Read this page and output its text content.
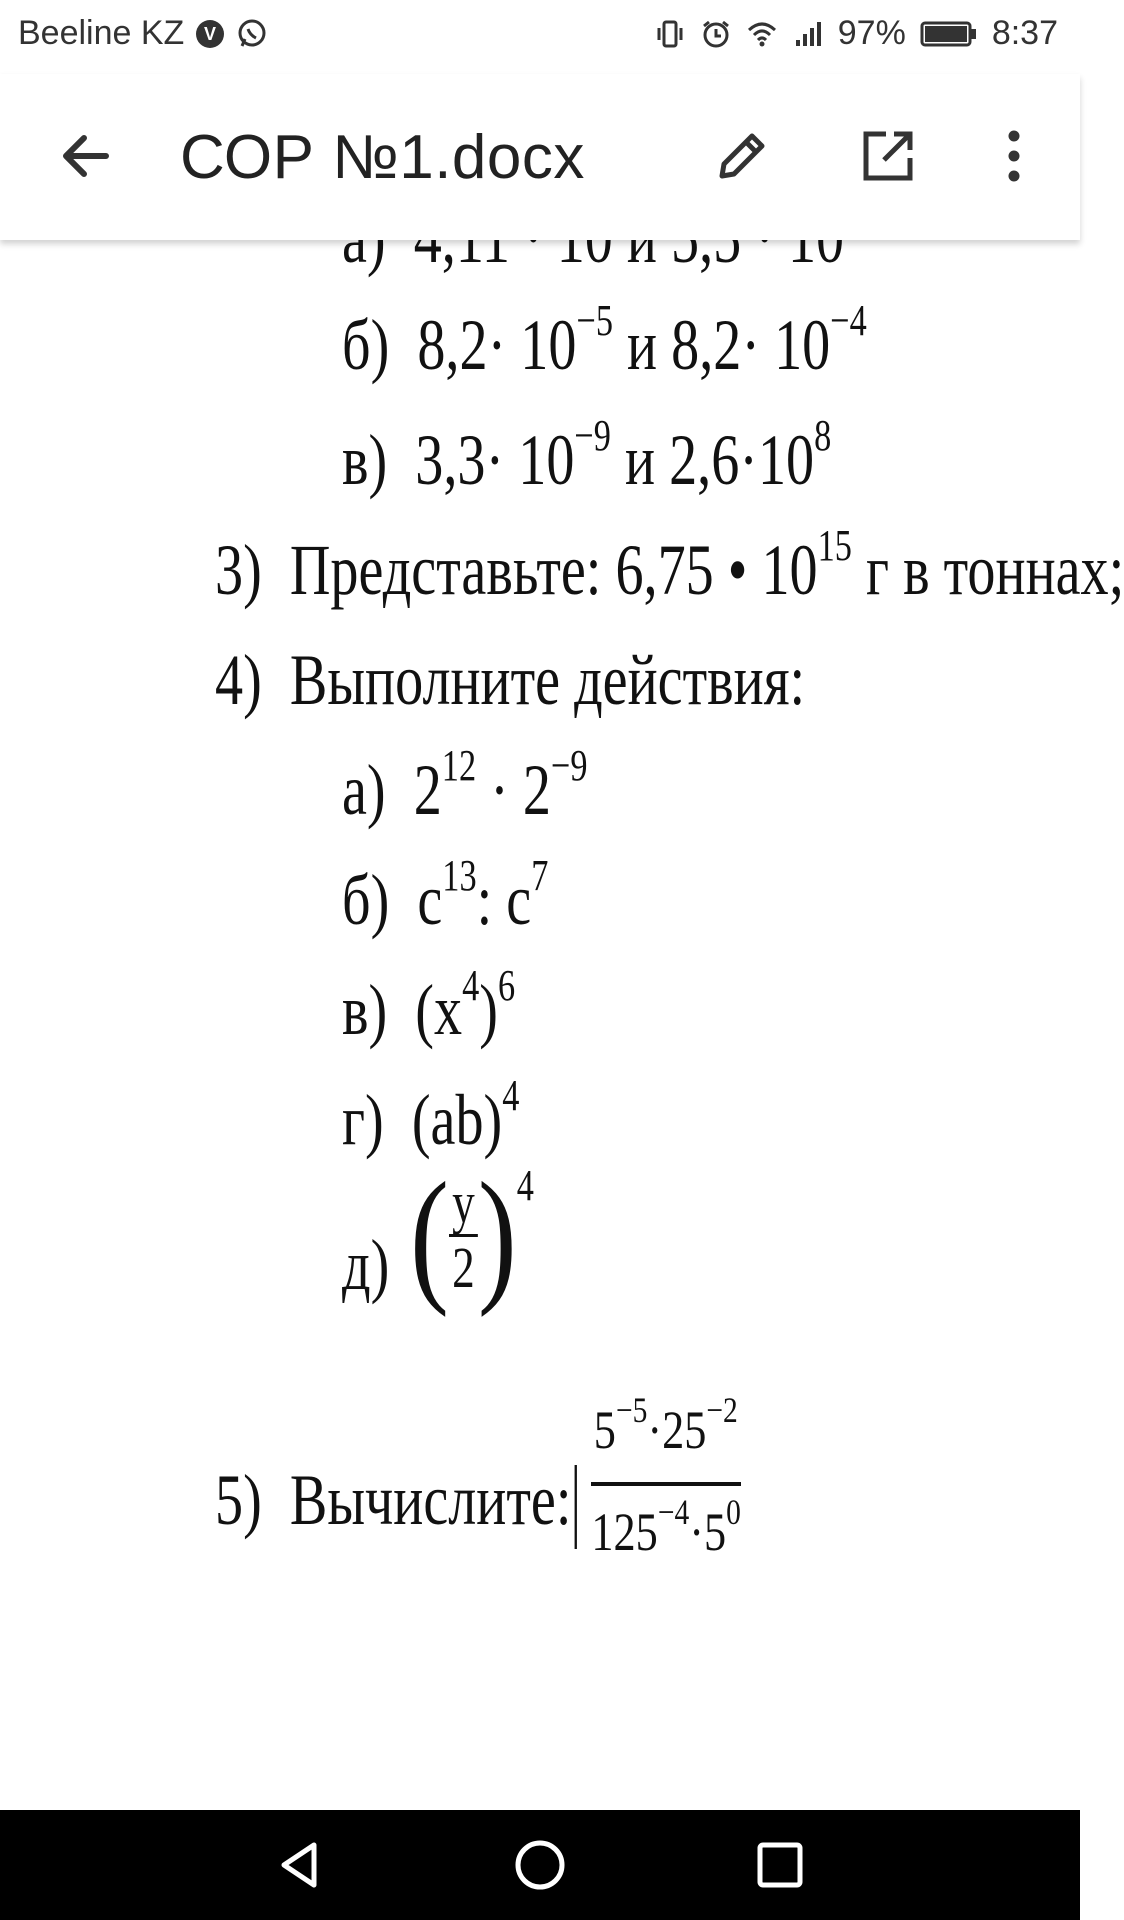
Beeline KZ V	97%	8:37
СОР №1.docx

б) $8,2\cdot 10^{-5}$ и $8,2\cdot 10^{-4}$
в) $3,3\cdot 10^{-9}$ и $2,6\cdot 10^8$
3) Представьте: 6,75 • $10^{15}$ г в тоннах;
4) Выполните действия:
а) $2^{12} \cdot 2^{-9}$
б) $c^{13}$: $c^7$
в) $(x^4)^6$
г) (ab)$^4$
д) ( $\frac{y}{2}$ ) 4
5) Вычислите:
$5^{-5}\cdot 25^{-2}$
$125^{-4}\cdot 5^0$
